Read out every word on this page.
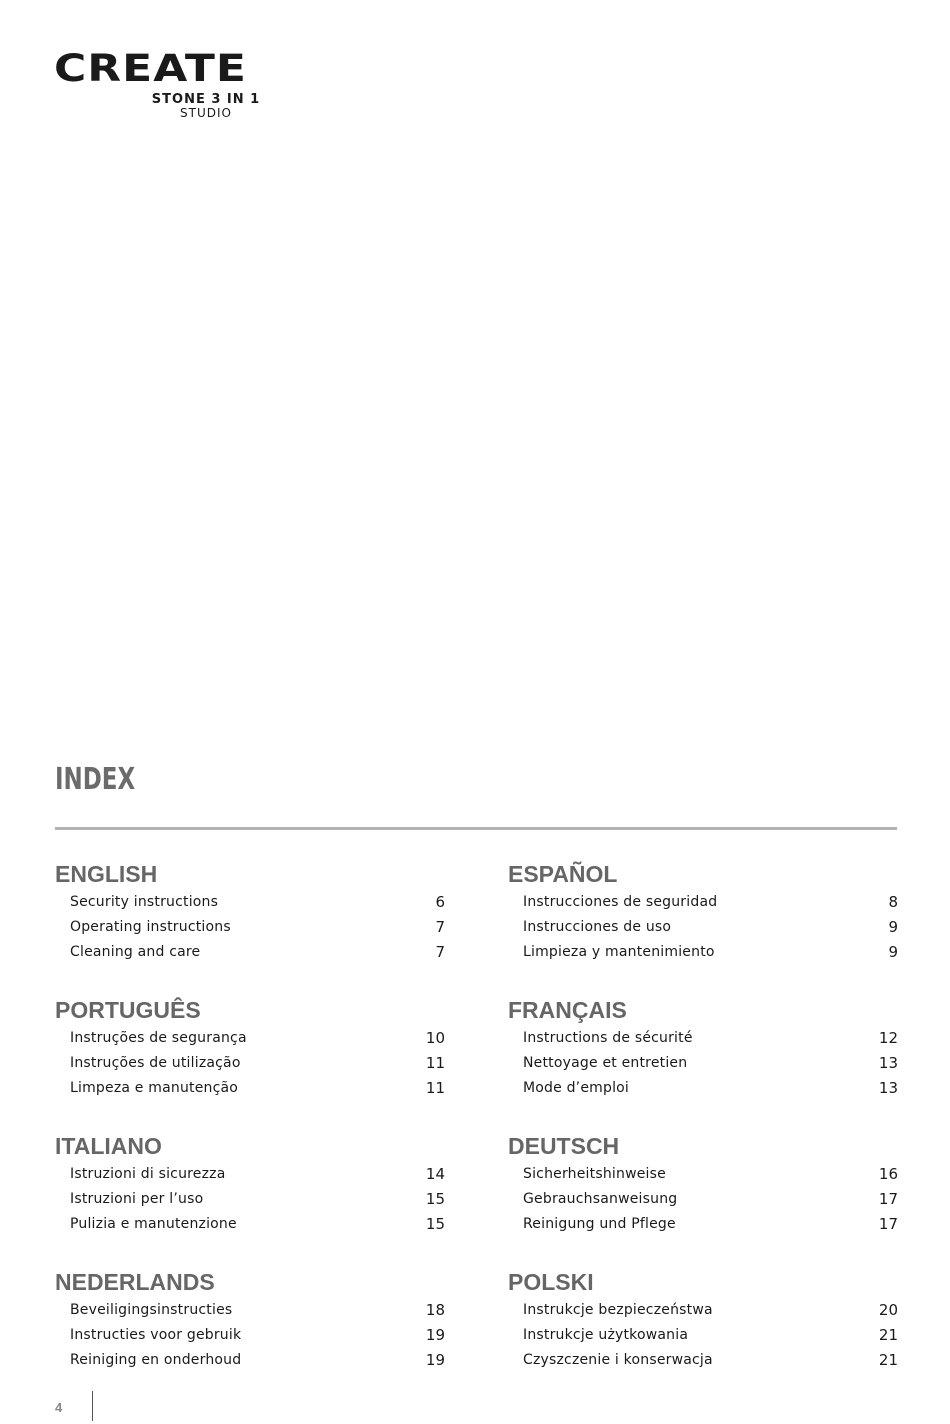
CREATE
STONE 3 IN 1
STUDIO
INDEX
ENGLISH
Security instructions	6
Operating instructions	7
Cleaning and care	7
ESPAÑOL
Instrucciones de seguridad	8
Instrucciones de uso	9
Limpieza y mantenimiento	9
PORTUGUÊS
Instruções de segurança	10
Instruções de utilização	11
Limpeza e manutenção	11
FRANÇAIS
Instructions de sécurité	12
Nettoyage et entretien	13
Mode d’emploi	13
ITALIANO
Istruzioni di sicurezza	14
Istruzioni per l’uso	15
Pulizia e manutenzione	15
DEUTSCH
Sicherheitshinweise	16
Gebrauchsanweisung	17
Reinigung und Pflege	17
NEDERLANDS
Beveiligingsinstructies	18
Instructies voor gebruik	19
Reiniging en onderhoud	19
POLSKI
Instrukcje bezpieczeństwa	20
Instrukcje użytkowania	21
Czyszczenie i konserwacja	21
4
